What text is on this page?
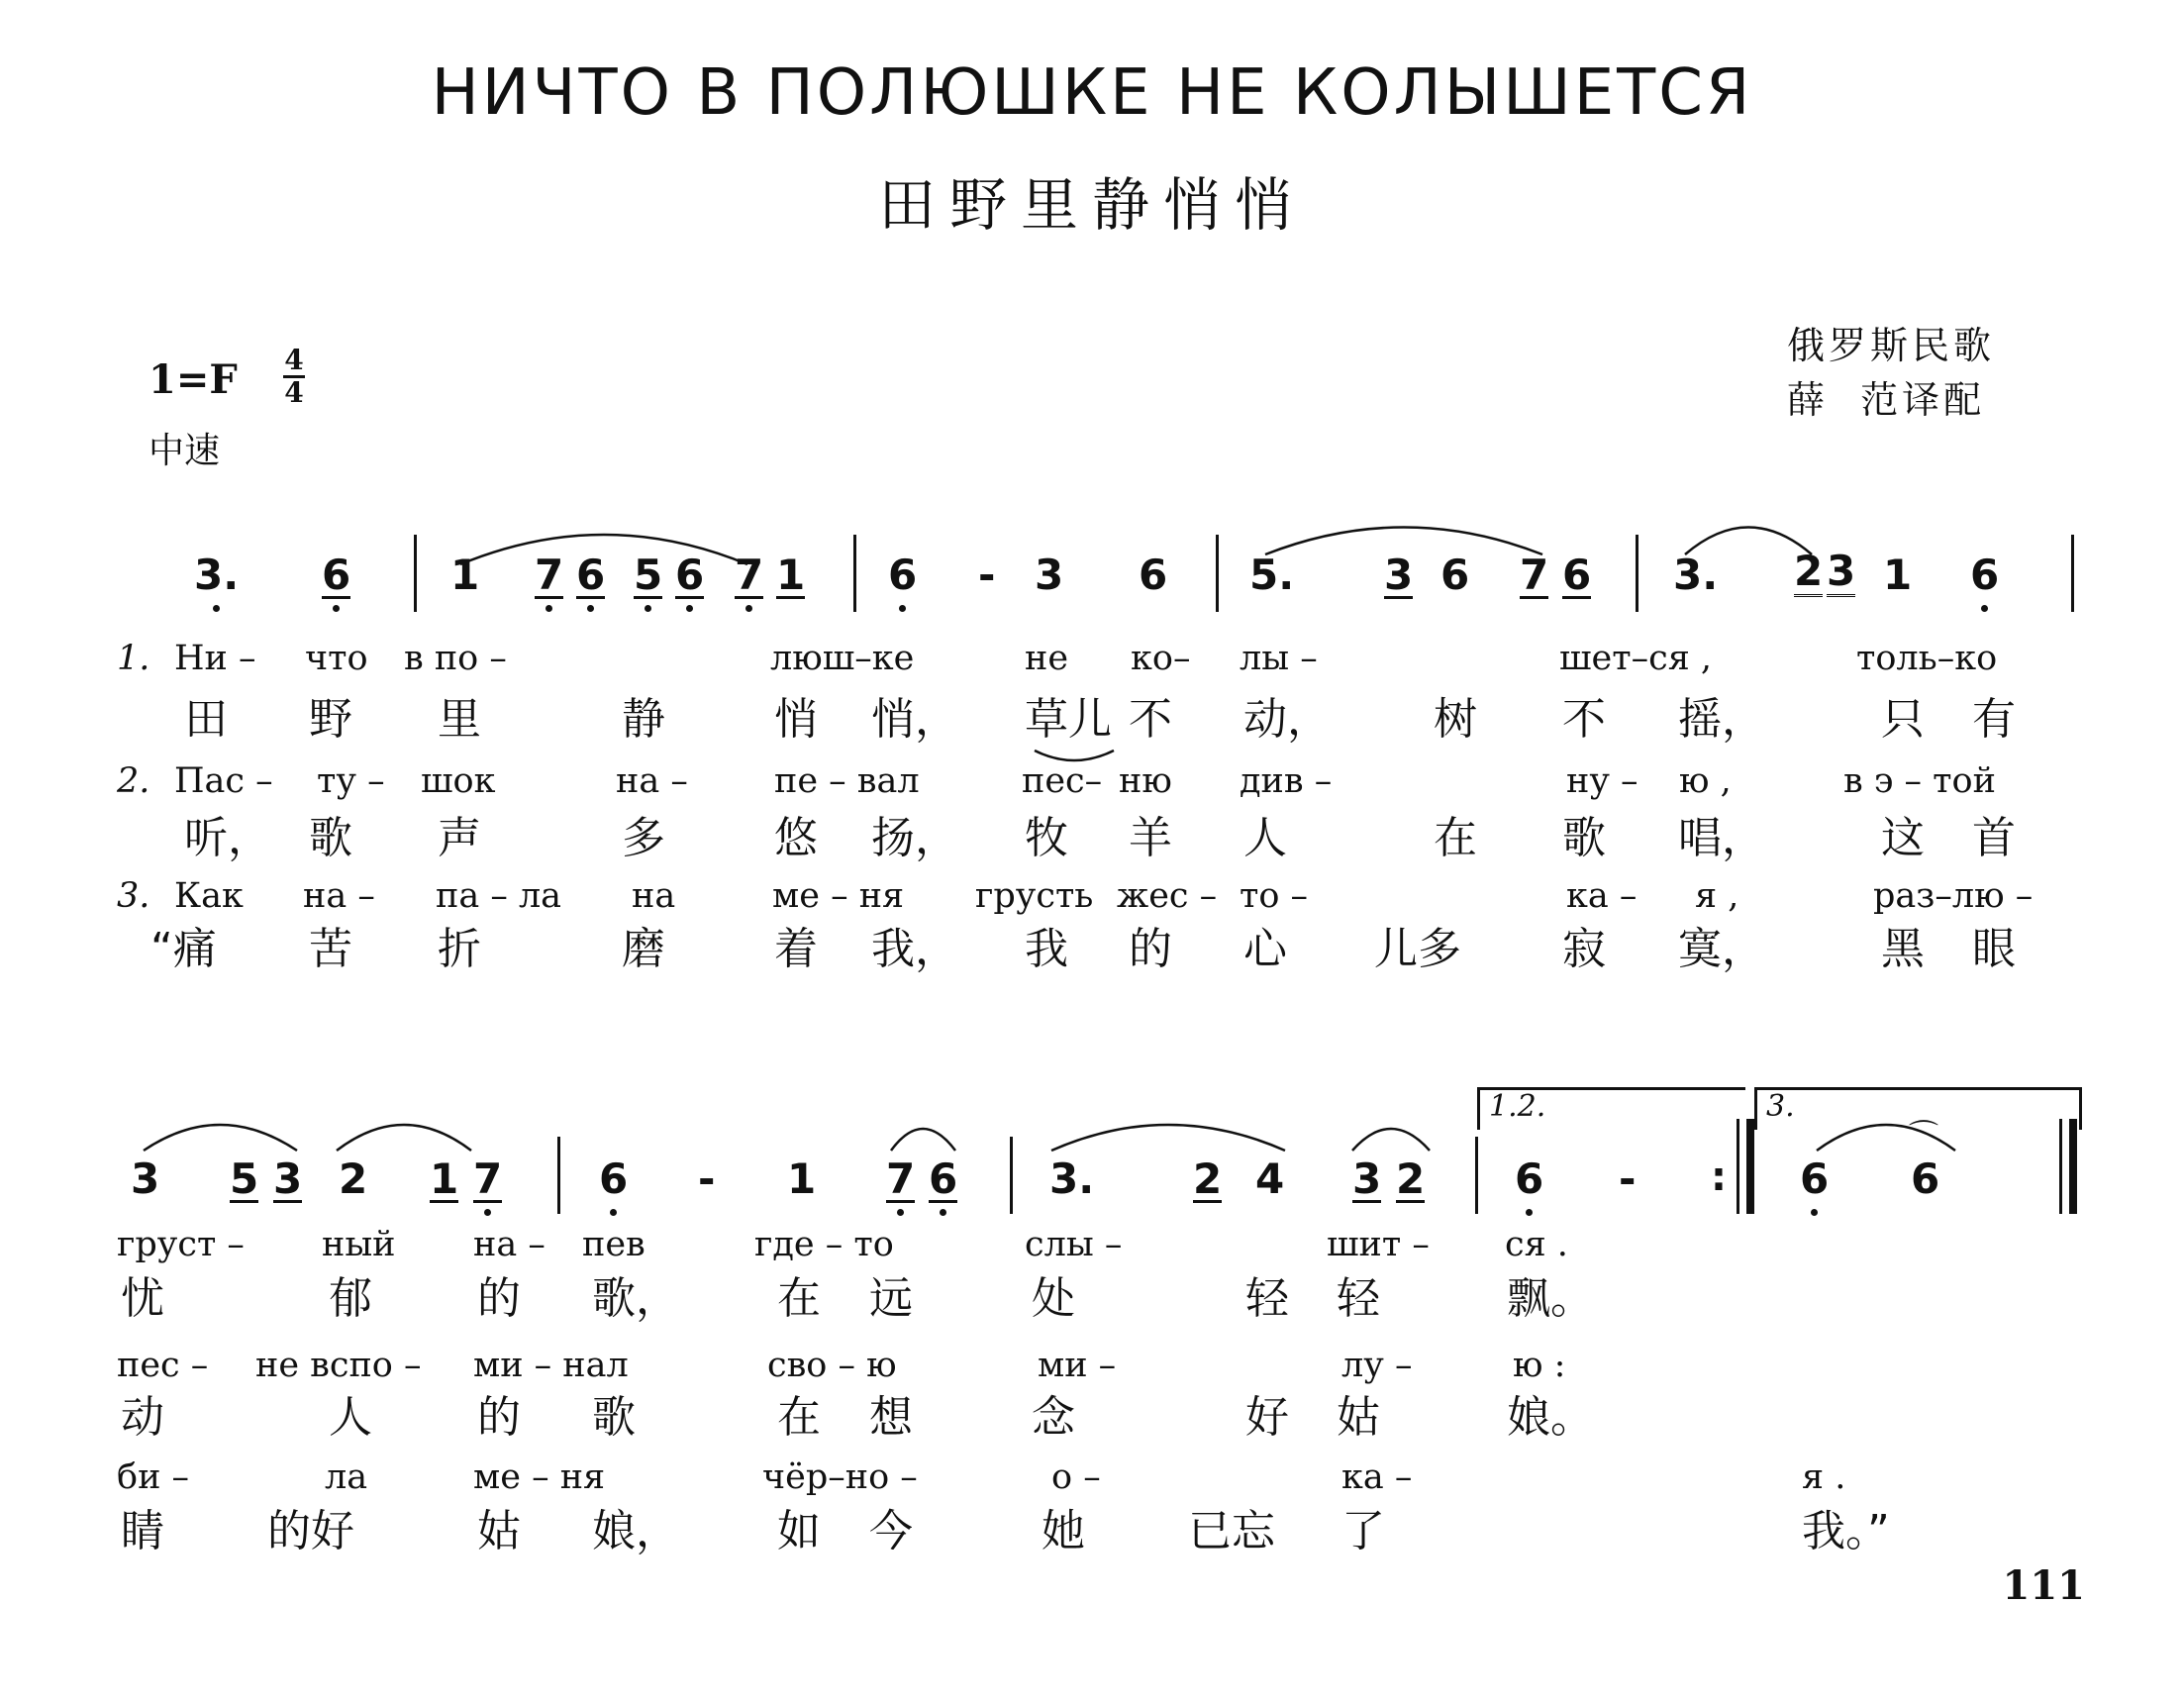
НИЧТО В ПОЛЮШКЕ НЕ КОЛЫШЕТСЯ
田野里静悄悄
俄罗斯民歌
薛  范译配
1=F 4
4
中速
3. 6 1 7 6 5 6 7 1 6 - 3 6 5. 3 6 7 6 3. 2 3 1 6
1. Ни – что в по –	люш–ке	не ко– лы –	шет–ся ,	толь–ко
田 野 里	静	悄 悄， 草儿 不 动， 树 不 摇，	只 有
2. Пас – ту – шок	на – пе – вал	пес– ню див –	ну – ю ,	в э – той
听， 歌 声	多	悠 扬， 牧 羊 人	在 歌 唱，	这 首
3. Как на – па – ла на	ме – ня грусть жес – то –	ка – я ,	раз–лю –
“痛 苦 折	磨	着 我， 我 的 心 儿多 寂 寞，	黑 眼
1.2.	3.
3 5 3 2 1 7 6 - 1 7 6 3. 2 4 3 2 6 - : 6
⌒
6
груст – ный на – пев	где – то	слы –	шит – ся .
忧	郁 的 歌， 在 远	处	轻 轻	飘。
пес – не вспо – ми – нал	сво – ю	ми –	лу –	ю :
动	人 的 歌	在 想	念	好 姑	娘。
би –	ла	ме – ня	чёр–но –	о –	ка –	я .
睛 的好	姑 娘， 如 今	她 已忘 了	我。”
111
